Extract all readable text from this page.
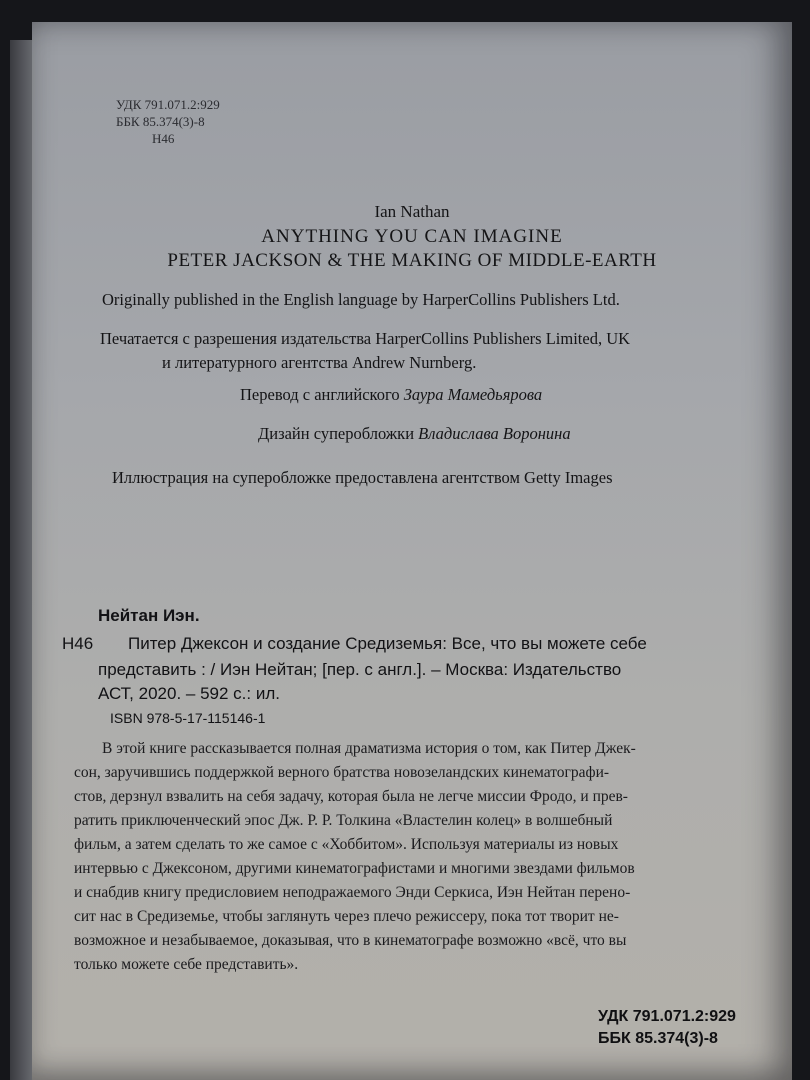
УДК 791.071.2:929
ББК 85.374(3)-8
Н46
Ian Nathan
ANYTHING YOU CAN IMAGINE
PETER JACKSON & THE MAKING OF MIDDLE-EARTH
Originally published in the English language by HarperCollins Publishers Ltd.
Печатается с разрешения издательства HarperCollins Publishers Limited, UK
и литературного агентства Andrew Nurnberg.
Перевод с английского Заура Мамедьярова
Дизайн суперобложки Владислава Воронина
Иллюстрация на суперобложке предоставлена агентством Getty Images
Нейтан Иэн.
Н46 Питер Джексон и создание Средиземья: Все, что вы можете себе
представить : / Иэн Нейтан; [пер. с англ.]. – Москва: Издательство
АСТ, 2020. – 592 с.: ил.
ISBN 978-5-17-115146-1
В этой книге рассказывается полная драматизма история о том, как Питер Джек-
сон, заручившись поддержкой верного братства новозеландских кинематографи-
стов, дерзнул взвалить на себя задачу, которая была не легче миссии Фродо, и прев-
ратить приключенческий эпос Дж. Р. Р. Толкина «Властелин колец» в волшебный
фильм, а затем сделать то же самое с «Хоббитом». Используя материалы из новых
интервью с Джексоном, другими кинематографистами и многими звездами фильмов
и снабдив книгу предисловием неподражаемого Энди Серкиса, Иэн Нейтан перено-
сит нас в Средиземье, чтобы заглянуть через плечо режиссеру, пока тот творит не-
возможное и незабываемое, доказывая, что в кинематографе возможно «всё, что вы
только можете себе представить».
УДК 791.071.2:929
ББК 85.374(3)-8
